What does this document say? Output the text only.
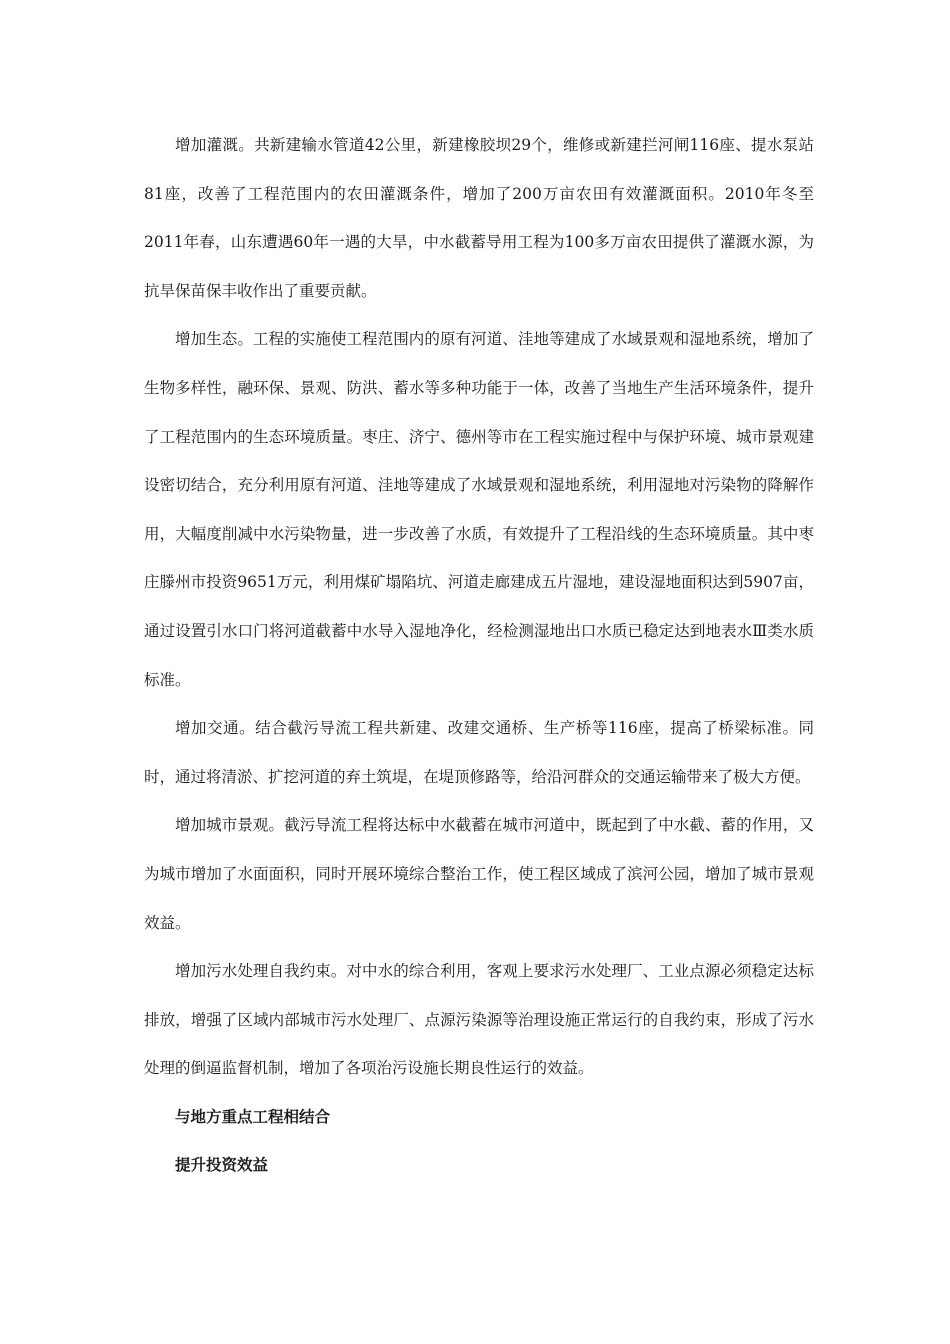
增加灌溉。共新建输水管道42公里，新建橡胶坝29个，维修或新建拦河闸116座、提水泵站81座，改善了工程范围内的农田灌溉条件，增加了200万亩农田有效灌溉面积。2010年冬至2011年春，山东遭遇60年一遇的大旱，中水截蓄导用工程为100多万亩农田提供了灌溉水源，为抗旱保苗保丰收作出了重要贡献。

增加生态。工程的实施使工程范围内的原有河道、洼地等建成了水域景观和湿地系统，增加了生物多样性，融环保、景观、防洪、蓄水等多种功能于一体，改善了当地生产生活环境条件，提升了工程范围内的生态环境质量。枣庄、济宁、德州等市在工程实施过程中与保护环境、城市景观建设密切结合，充分利用原有河道、洼地等建成了水域景观和湿地系统，利用湿地对污染物的降解作用，大幅度削减中水污染物量，进一步改善了水质，有效提升了工程沿线的生态环境质量。其中枣庄滕州市投资9651万元，利用煤矿塌陷坑、河道走廊建成五片湿地，建设湿地面积达到5907亩，通过设置引水口门将河道截蓄中水导入湿地净化，经检测湿地出口水质已稳定达到地表水Ⅲ类水质标准。

增加交通。结合截污导流工程共新建、改建交通桥、生产桥等116座，提高了桥梁标准。同时，通过将清淤、扩挖河道的弃土筑堤，在堤顶修路等，给沿河群众的交通运输带来了极大方便。

增加城市景观。截污导流工程将达标中水截蓄在城市河道中，既起到了中水截、蓄的作用，又为城市增加了水面面积，同时开展环境综合整治工作，使工程区域成了滨河公园，增加了城市景观效益。

增加污水处理自我约束。对中水的综合利用，客观上要求污水处理厂、工业点源必须稳定达标排放，增强了区域内部城市污水处理厂、点源污染源等治理设施正常运行的自我约束，形成了污水处理的倒逼监督机制，增加了各项治污设施长期良性运行的效益。

与地方重点工程相结合

提升投资效益
